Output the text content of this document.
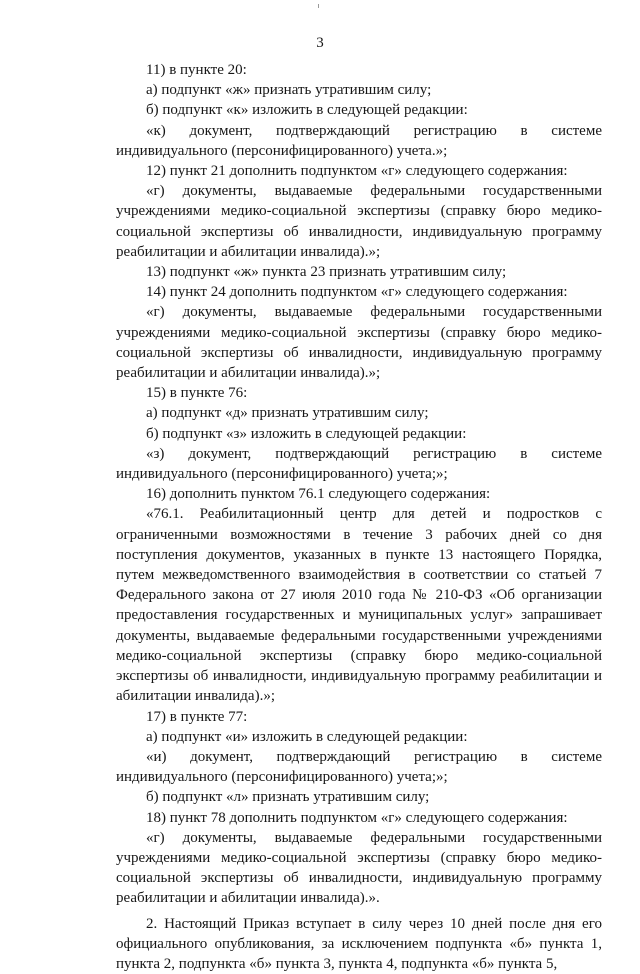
3

11) в пункте 20:

а) подпункт «ж» признать утратившим силу;

б) подпункт «к» изложить в следующей редакции:

«к) документ, подтверждающий регистрацию в системе индивидуального (персонифицированного) учета.»;

12) пункт 21 дополнить подпунктом «г» следующего содержания:

«г) документы, выдаваемые федеральными государственными учреждениями медико-социальной экспертизы (справку бюро медико-социальной экспертизы об инвалидности, индивидуальную программу реабилитации и абилитации инвалида).»;

13) подпункт «ж» пункта 23 признать утратившим силу;

14) пункт 24 дополнить подпунктом «г» следующего содержания:

«г) документы, выдаваемые федеральными государственными учреждениями медико-социальной экспертизы (справку бюро медико-социальной экспертизы об инвалидности, индивидуальную программу реабилитации и абилитации инвалида).»;

15) в пункте 76:

а) подпункт «д» признать утратившим силу;

б) подпункт «з» изложить в следующей редакции:

«з) документ, подтверждающий регистрацию в системе индивидуального (персонифицированного) учета;»;

16) дополнить пунктом 76.1 следующего содержания:

«76.1. Реабилитационный центр для детей и подростков с ограниченными возможностями в течение 3 рабочих дней со дня поступления документов, указанных в пункте 13 настоящего Порядка, путем межведомственного взаимодействия в соответствии со статьей 7 Федерального закона от 27 июля 2010 года № 210-ФЗ «Об организации предоставления государственных и муниципальных услуг» запрашивает документы, выдаваемые федеральными государственными учреждениями медико-социальной экспертизы (справку бюро медико-социальной экспертизы об инвалидности, индивидуальную программу реабилитации и абилитации инвалида).»;

17) в пункте 77:

а) подпункт «и» изложить в следующей редакции:

«и) документ, подтверждающий регистрацию в системе индивидуального (персонифицированного) учета;»;

б) подпункт «л» признать утратившим силу;

18) пункт 78 дополнить подпунктом «г» следующего содержания:

«г) документы, выдаваемые федеральными государственными учреждениями медико-социальной экспертизы (справку бюро медико-социальной экспертизы об инвалидности, индивидуальную программу реабилитации и абилитации инвалида).».

2. Настоящий Приказ вступает в силу через 10 дней после дня его официального опубликования, за исключением подпункта «б» пункта 1, пункта 2, подпункта «б» пункта 3, пункта 4, подпункта «б» пункта 5,
